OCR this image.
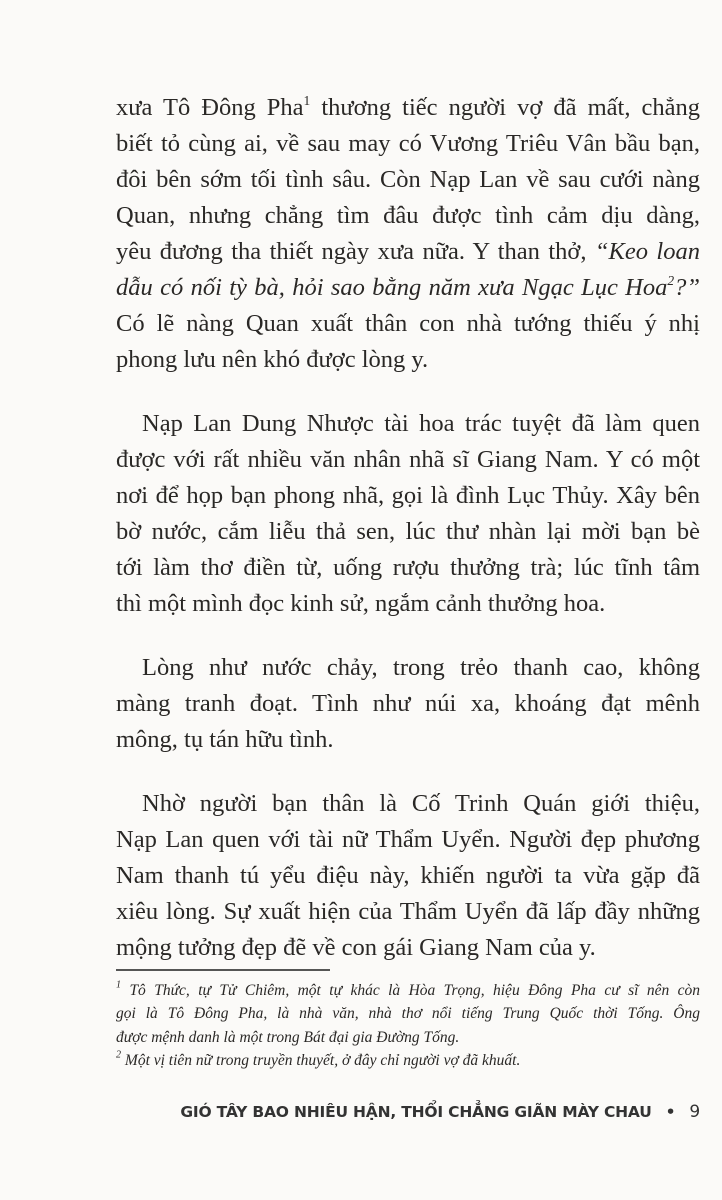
xưa Tô Đông Pha$^1$ thương tiếc người vợ đã mất, chẳng
biết tỏ cùng ai, về sau may có Vương Triêu Vân bầu bạn,
đôi bên sớm tối tình sâu. Còn Nạp Lan về sau cưới nàng
Quan, nhưng chẳng tìm đâu được tình cảm dịu dàng,
yêu đương tha thiết ngày xưa nữa. Y than thở, “Keo loan
dẫu có nối tỳ bà, hỏi sao bằng năm xưa Ngạc Lục Hoa$^2$?”
Có lẽ nàng Quan xuất thân con nhà tướng thiếu ý nhị
phong lưu nên khó được lòng y.
Nạp Lan Dung Nhược tài hoa trác tuyệt đã làm quen
được với rất nhiều văn nhân nhã sĩ Giang Nam. Y có một
nơi để họp bạn phong nhã, gọi là đình Lục Thủy. Xây bên
bờ nước, cắm liễu thả sen, lúc thư nhàn lại mời bạn bè
tới làm thơ điền từ, uống rượu thưởng trà; lúc tĩnh tâm
thì một mình đọc kinh sử, ngắm cảnh thưởng hoa.
Lòng như nước chảy, trong trẻo thanh cao, không
màng tranh đoạt. Tình như núi xa, khoáng đạt mênh
mông, tụ tán hữu tình.
Nhờ người bạn thân là Cố Trinh Quán giới thiệu,
Nạp Lan quen với tài nữ Thẩm Uyển. Người đẹp phương
Nam thanh tú yểu điệu này, khiến người ta vừa gặp đã
xiêu lòng. Sự xuất hiện của Thẩm Uyển đã lấp đầy những
mộng tưởng đẹp đẽ về con gái Giang Nam của y.
$^1$ Tô Thức, tự Tử Chiêm, một tự khác là Hòa Trọng, hiệu Đông Pha cư sĩ nên còn
gọi là Tô Đông Pha, là nhà văn, nhà thơ nổi tiếng Trung Quốc thời Tống. Ông
được mệnh danh là một trong Bát đại gia Đường Tống.
$^2$ Một vị tiên nữ trong truyền thuyết, ở đây chỉ người vợ đã khuất.
GIÓ TÂY BAO NHIÊU HẬN, THỔI CHẲNG GIÃN MÀY CHAU • 9
